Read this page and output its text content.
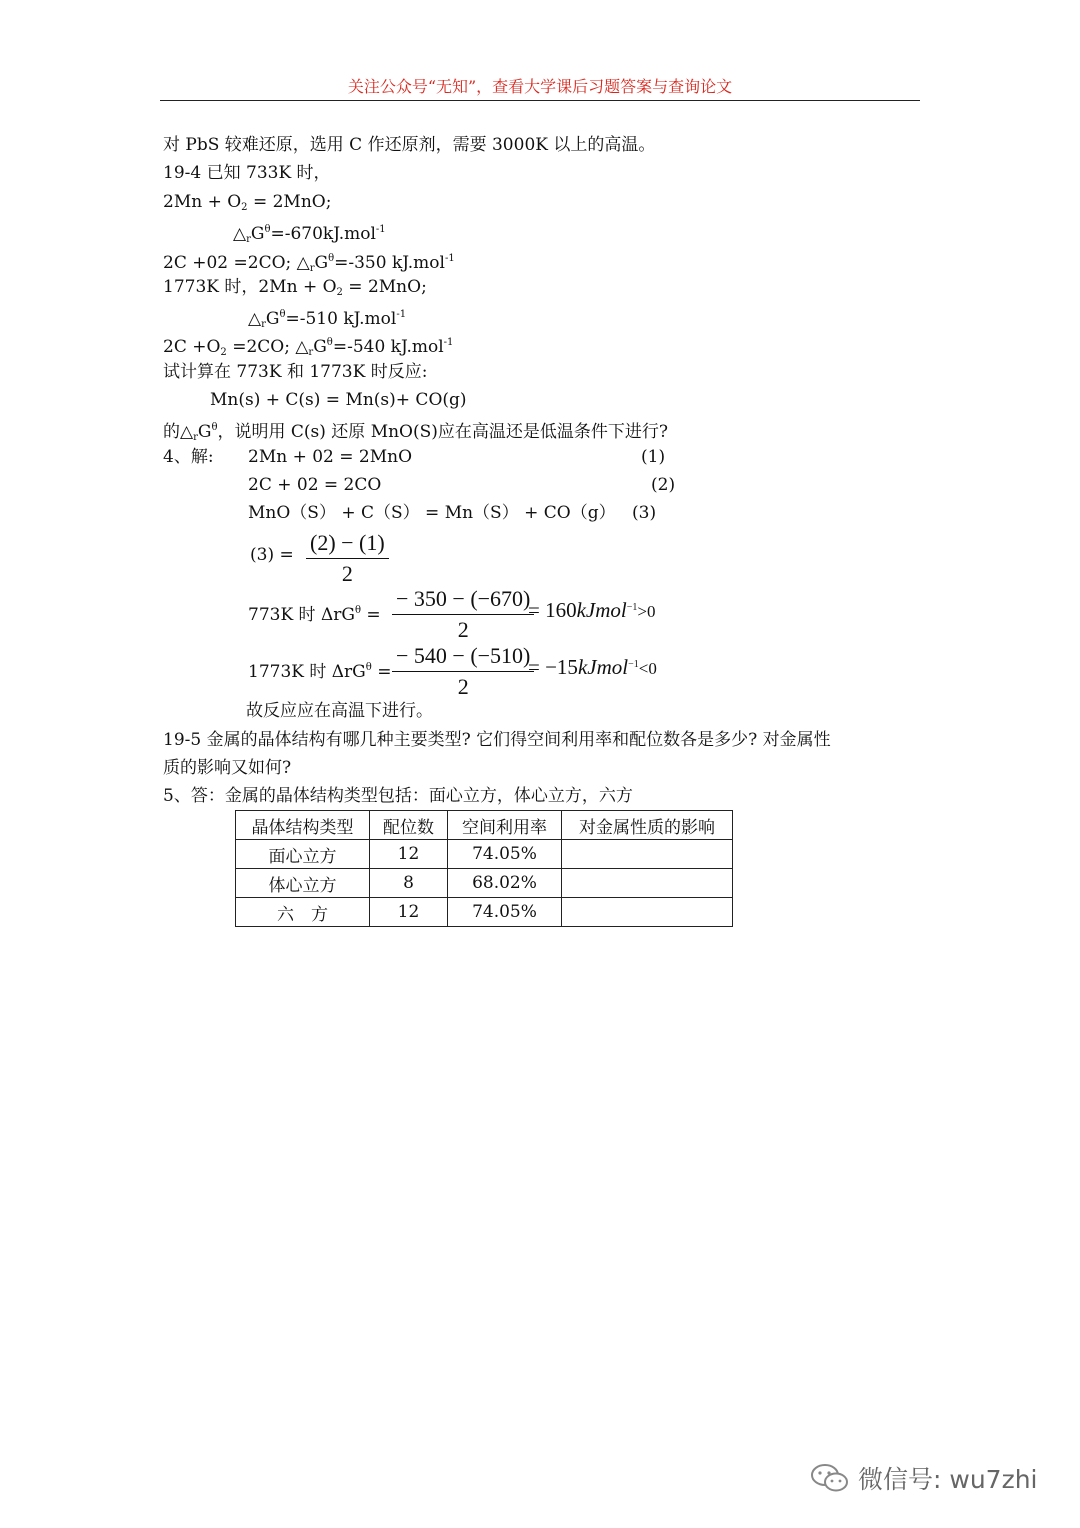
关注公众号“无知”，查看大学课后习题答案与查询论文
对 PbS 较难还原，选用 C 作还原剂，需要 3000K 以上的高温。
19-4 已知 733K 时，
$2Mn + O_2 = 2MnO$;
$\triangle_rG^\theta=-670kJ.mol^{-1}$
2C +02 =2CO; $\triangle_rG^\theta=-350$ kJ.mol$^{-1}$
1773K 时，$2Mn + O_2 = 2MnO$;
$\triangle_rG^\theta=-510$ kJ.mol$^{-1}$
$2C +O_2 =2CO$; $\triangle_rG^\theta=-540$ kJ.mol$^{-1}$
试计算在 773K 和 1773K 时反应:
Mn(s) + C(s) = Mn(s)+ CO(g)
的$\triangle_rG^\theta$，说明用 C(s) 还原 MnO(S)应在高温还是低温条件下进行?
4、解: 2Mn + 02 = 2MnO	(1)
2C + 02 = 2CO	(2)
MnO（S） + C（S） = Mn（S） + CO（g） (3)
$(3) = \frac{(2) - (1)}{2}$
773K 时 $\Delta rG^\theta = \frac{- 350 - (-670)}{2}$
= 160kJmol$^{-1}$>0
1773K 时 $\Delta rG^\theta = \frac{- 540 - (-510)}{2}$
= −15kJmol$^{-1}$<0
故反应应在高温下进行。
19-5 金属的晶体结构有哪几种主要类型? 它们得空间利用率和配位数各是多少? 对金属性
质的影响又如何?
5、答：金属的晶体结构类型包括：面心立方，体心立方，六方
晶体结构类型	配位数	空间利用率	对金属性质的影响
面心立方	12	74.05%	
体心立方	8	68.02%	
六　方	12	74.05%	
微信号: wu7zhi
